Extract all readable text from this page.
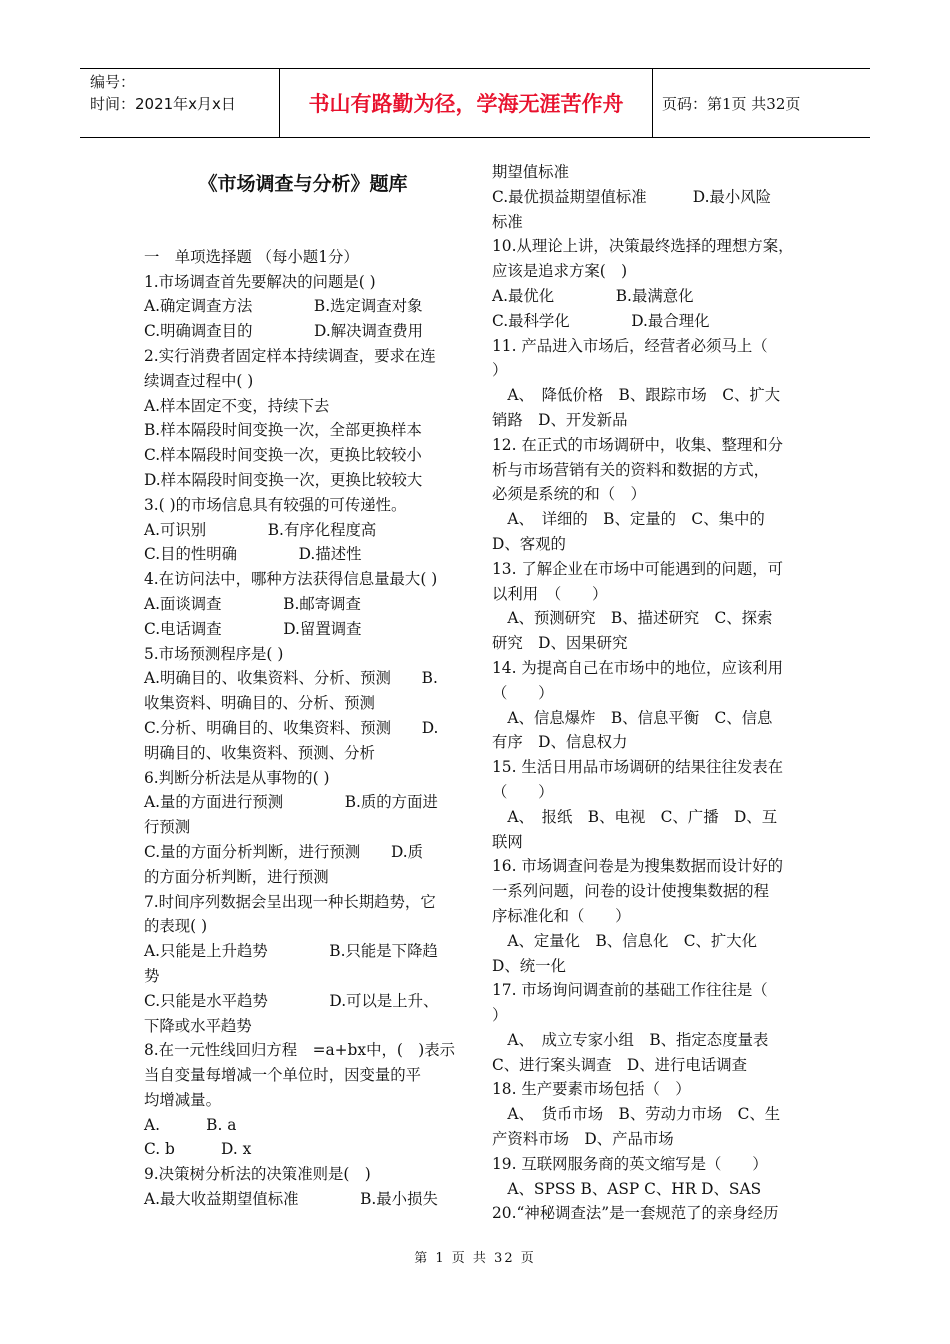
编号：
时间：2021年x月x日	书山有路勤为径，学海无涯苦作舟	页码：第1页 共32页

《市场调查与分析》题库

一　单项选择题 （每小题1分）

1.市场调查首先要解决的问题是( )

A.确定调查方法　　　　B.选定调查对象

C.明确调查目的　　　　D.解决调查费用

2.实行消费者固定样本持续调查，要求在连

续调查过程中( )

A.样本固定不变，持续下去

B.样本隔段时间变换一次，全部更换样本

C.样本隔段时间变换一次，更换比较较小

D.样本隔段时间变换一次，更换比较较大

3.( )的市场信息具有较强的可传递性。

A.可识别　　　　B.有序化程度高

C.目的性明确　　　　D.描述性

4.在访问法中，哪种方法获得信息量最大( )

A.面谈调查　　　　B.邮寄调查

C.电话调查　　　　D.留置调查

5.市场预测程序是( )

A.明确目的、收集资料、分析、预测　　B.

收集资料、明确目的、分析、预测

C.分析、明确目的、收集资料、预测　　D.

明确目的、收集资料、预测、分析

6.判断分析法是从事物的( )

A.量的方面进行预测　　　　B.质的方面进

行预测

C.量的方面分析判断，进行预测　　D.质

的方面分析判断，进行预测

7.时间序列数据会呈出现一种长期趋势，它

的表现( )

A.只能是上升趋势　　　　B.只能是下降趋

势

C.只能是水平趋势　　　　D.可以是上升、

下降或水平趋势

8.在一元性线回归方程　=a+bx中，(　)表示

当自变量每增减一个单位时，因变量的平

均增减量。

A.　　　B. a

C. b　　　D. x

9.决策树分析法的决策准则是(　)

A.最大收益期望值标准　　　　B.最小损失

期望值标准

C.最优损益期望值标准　　　D.最小风险

标准

10.从理论上讲，决策最终选择的理想方案，

应该是追求方案(　)

A.最优化　　　　B.最满意化

C.最科学化　　　　D.最合理化

11. 产品进入市场后，经营者必须马上（

）

　A、　降低价格　B、跟踪市场　C、扩大

销路　D、开发新品

12. 在正式的市场调研中，收集、整理和分

析与市场营销有关的资料和数据的方式，

必须是系统的和（　）

　A、　详细的　B、定量的　C、集中的

D、客观的

13. 了解企业在市场中可能遇到的问题，可

以利用　（　　）

　A、预测研究　B、描述研究　C、探索

研究　D、因果研究

14. 为提高自己在市场中的地位，应该利用

（　　）

　A、信息爆炸　B、信息平衡　C、信息

有序　D、信息权力

15. 生活日用品市场调研的结果往往发表在

（　　）

　A、　报纸　B、电视　C、广播　D、互

联网

16. 市场调查问卷是为搜集数据而设计好的

一系列问题，问卷的设计使搜集数据的程

序标准化和（　　）

　A、定量化　B、信息化　C、扩大化

D、统一化

17. 市场询问调查前的基础工作往往是（

）

　A、　成立专家小组　B、指定态度量表

C、进行案头调查　D、进行电话调查

18. 生产要素市场包括（　）

　A、　货币市场　B、劳动力市场　C、生

产资料市场　D、产品市场

19. 互联网服务商的英文缩写是（　　）

　A、SPSS B、ASP C、HR D、SAS

20.“神秘调查法”是一套规范了的亲身经历

第 1 页 共 32 页
